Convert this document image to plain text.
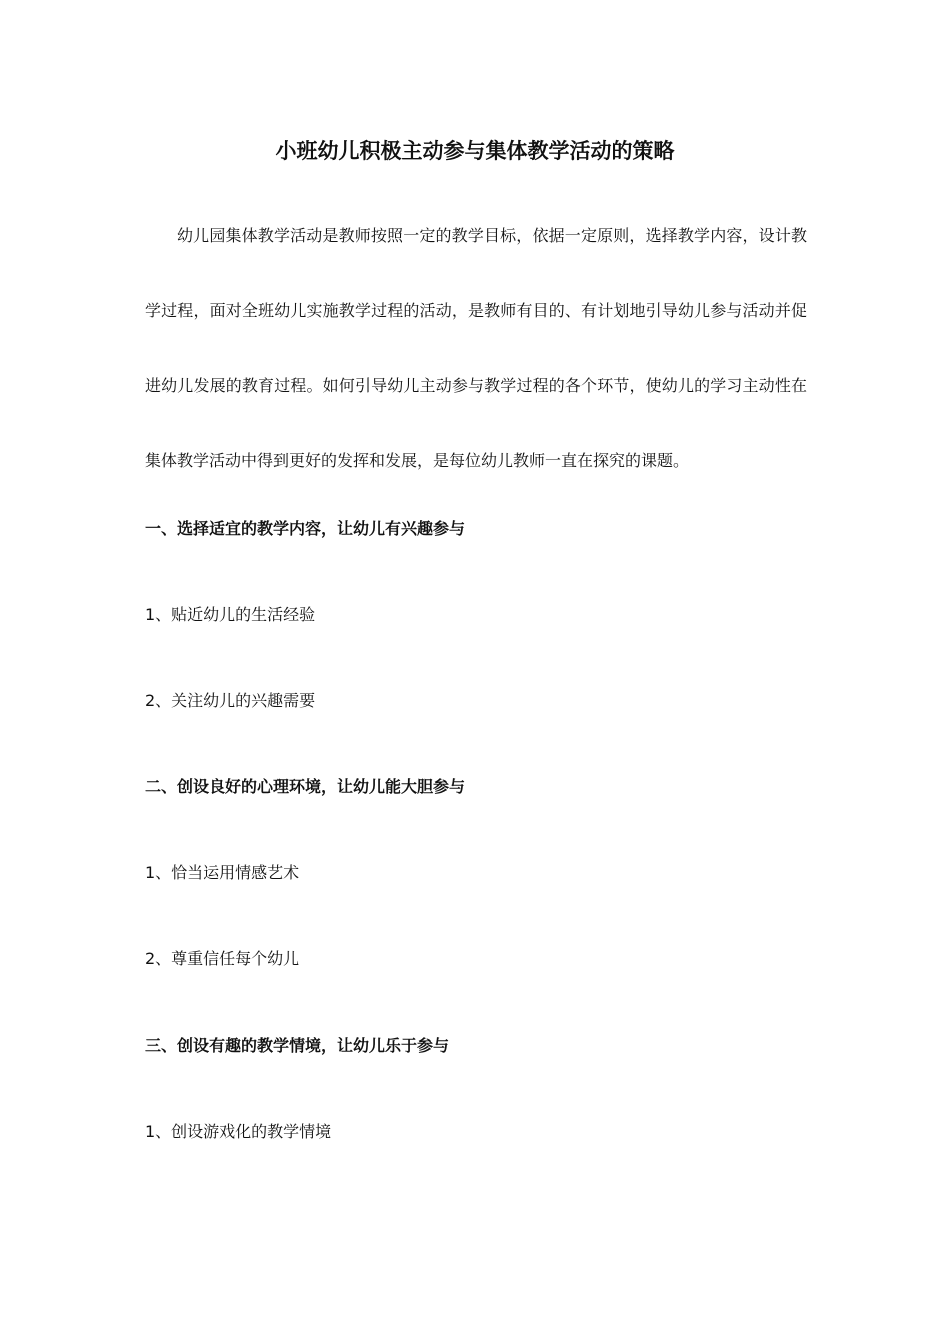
小班幼儿积极主动参与集体教学活动的策略

幼儿园集体教学活动是教师按照一定的教学目标，依据一定原则，选择教学内容，设计教学过程，面对全班幼儿实施教学过程的活动，是教师有目的、有计划地引导幼儿参与活动并促进幼儿发展的教育过程。如何引导幼儿主动参与教学过程的各个环节，使幼儿的学习主动性在集体教学活动中得到更好的发挥和发展，是每位幼儿教师一直在探究的课题。

一、选择适宜的教学内容，让幼儿有兴趣参与

1、贴近幼儿的生活经验

2、关注幼儿的兴趣需要

二、创设良好的心理环境，让幼儿能大胆参与

1、恰当运用情感艺术

2、尊重信任每个幼儿

三、创设有趣的教学情境，让幼儿乐于参与

1、创设游戏化的教学情境
